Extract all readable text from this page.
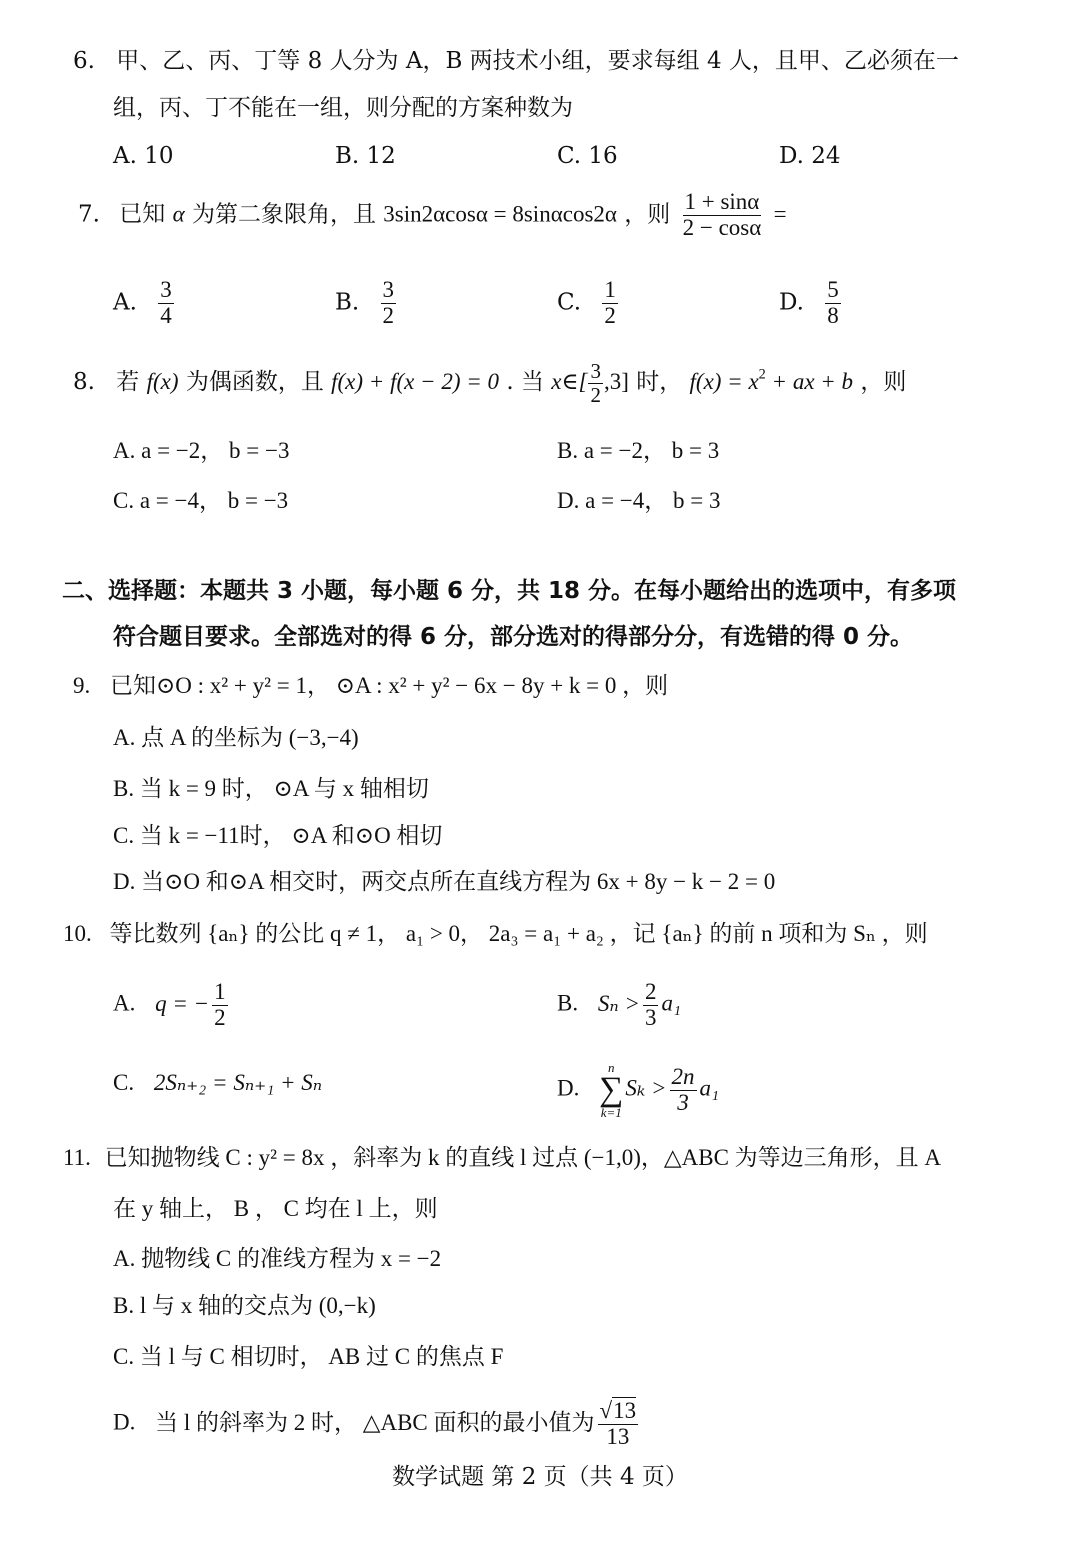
6. 甲、乙、丙、丁等 8 人分为 A，B 两技术小组，要求每组 4 人，且甲、乙必须在一
组，丙、丁不能在一组，则分配的方案种数为
A. 10	B. 12	C. 16	D. 24
7. 已知 α 为第二象限角，且 3sin2αcosα = 8sinαcos2α ，则 $\frac{1 + \sin\alpha}{2 - \cos\alpha}$ =
A. $\frac{3}{4}$	B. $\frac{3}{2}$	C. $\frac{1}{2}$	D. $\frac{5}{8}$
8. 若 f(x) 为偶函数，且 f(x) + f(x − 2) = 0 . 当 x∈[ $\frac{3}{2} ,3$] 时， $f(x) = x^2$ + ax + b ，则
A. a = −2， b = −3	B. a = −2， b = 3
C. a = −4， b = −3	D. a = −4， b = 3
二、选择题：本题共 3 小题，每小题 6 分，共 18 分。在每小题给出的选项中，有多项
符合题目要求。全部选对的得 6 分，部分选对的得部分分，有选错的得 0 分。
9. 已知⊙O : x² + y² = 1， ⊙A : x² + y² − 6x − 8y + k = 0 ，则
A. 点 A 的坐标为 (−3,−4)
B. 当 k = 9 时， ⊙A 与 x 轴相切
C. 当 k = −11时， ⊙A 和⊙O 相切
D. 当⊙O 和⊙A 相交时，两交点所在直线方程为 6x + 8y − k − 2 = 0
10. 等比数列 {aₙ} 的公比 q ≠ 1， a₁ > 0， 2a₃ = a₁ + a₂ ，记 {aₙ} 的前 n 项和为 Sₙ ，则
A. q = − $\frac{1}{2}$	B. $S_n > \frac{2}{3} a_1$
C. 2Sₙ₊₂ = Sₙ₊₁ + Sₙ	D.
n
∑
k=1
$S_k > \frac{2n}{3} a_1$
11. 已知抛物线 C : y² = 8x ，斜率为 k 的直线 l 过点 (−1,0)，△ABC 为等边三角形，且 A
在 y 轴上， B ， C 均在 l 上，则
A. 抛物线 C 的准线方程为 x = −2
B. l 与 x 轴的交点为 (0,−k)
C. 当 l 与 C 相切时， AB 过 C 的焦点 F
D. 当 l 的斜率为 2 时， △ABC 面积的最小值为 $\frac{√13}{13}$
数学试题 第 2 页（共 4 页）
